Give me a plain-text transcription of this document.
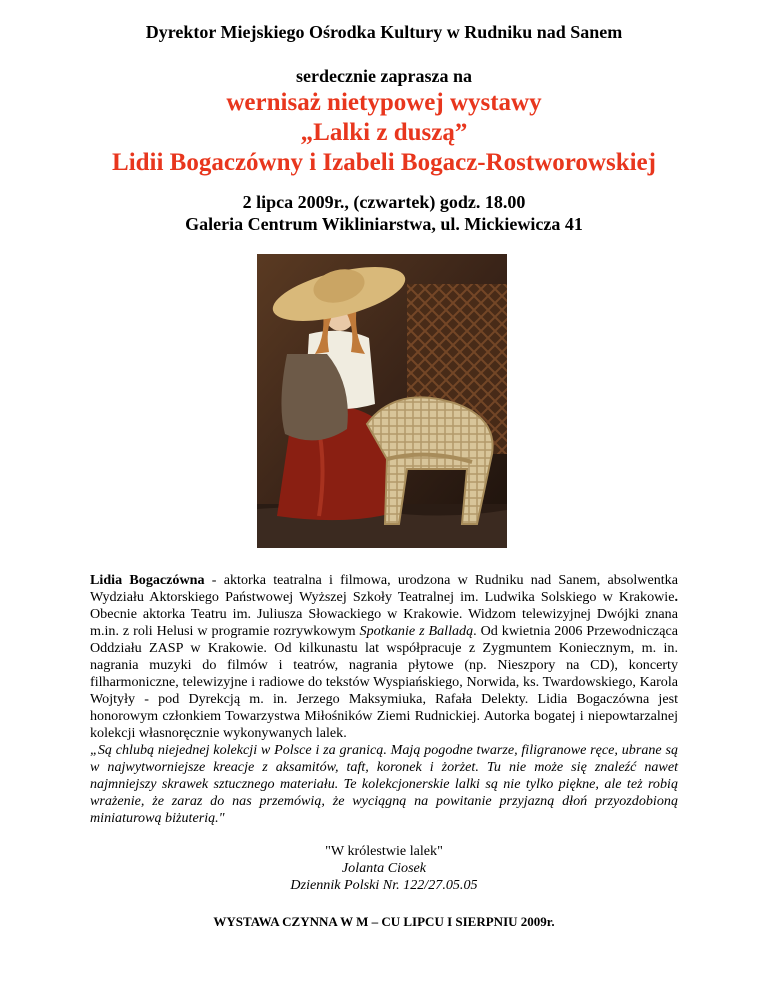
Dyrektor Miejskiego Ośrodka Kultury w Rudniku nad Sanem
serdecznie zaprasza na
wernisaż nietypowej wystawy
„Lalki z duszą”
Lidii Bogaczówny i Izabeli Bogacz-Rostworowskiej
2 lipca 2009r., (czwartek) godz. 18.00
Galeria Centrum Wikliniarstwa, ul. Mickiewicza 41
Lidia Bogaczówna - aktorka teatralna i filmowa, urodzona w Rudniku nad Sanem, absolwentka Wydziału Aktorskiego Państwowej Wyższej Szkoły Teatralnej im. Ludwika Solskiego w Krakowie. Obecnie aktorka Teatru im. Juliusza Słowackiego w Krakowie. Widzom telewizyjnej Dwójki znana m.in. z roli Helusi w programie rozrywkowym Spotkanie z Balladą. Od kwietnia 2006 Przewodnicząca Oddziału ZASP w Krakowie. Od kilkunastu lat współpracuje z Zygmuntem Koniecznym, m. in. nagrania muzyki do filmów i teatrów, nagrania płytowe (np. Nieszpory na CD), koncerty filharmoniczne, telewizyjne i radiowe do tekstów Wyspiańskiego, Norwida, ks. Twardowskiego, Karola Wojtyły - pod Dyrekcją m. in. Jerzego Maksymiuka, Rafała Delekty. Lidia Bogaczówna jest honorowym członkiem Towarzystwa Miłośników Ziemi Rudnickiej. Autorka bogatej i niepowtarzalnej kolekcji własnoręcznie wykonywanych lalek.
„Są chlubą niejednej kolekcji w Polsce i za granicą. Mają pogodne twarze, filigranowe ręce, ubrane są w najwytworniejsze kreacje z aksamitów, taft, koronek i żorżet. Tu nie może się znaleźć nawet najmniejszy skrawek sztucznego materiału. Te kolekcjonerskie lalki są nie tylko piękne, ale też robią wrażenie, że zaraz do nas przemówią, że wyciągną na powitanie przyjazną dłoń przyozdobioną miniaturową biżuterią."
"W królestwie lalek"
Jolanta Ciosek
Dziennik Polski Nr. 122/27.05.05
WYSTAWA CZYNNA W M – CU LIPCU I SIERPNIU 2009r.
